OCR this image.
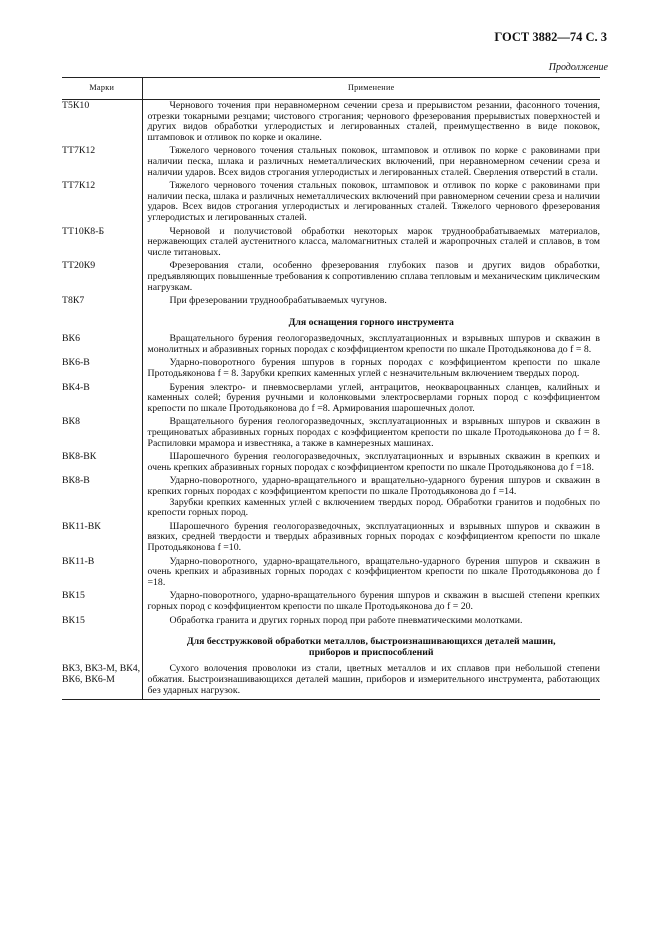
ГОСТ 3882—74 С. 3
Продолжение
Марки	Применение
Т5К10	Чернового точения при неравномерном сечении среза и прерывистом резании, фасонного точения, отрезки токарными резцами; чистового строгания; чернового фрезерования прерывистых поверхностей и других видов обработки углеродистых и легированных сталей, преимущественно в виде поковок, штамповок и отливок по корке и окалине.

ТТ7К12	Тяжелого чернового точения стальных поковок, штамповок и отливок по корке с раковинами при наличии песка, шлака и различных неметаллических включений, при неравномерном сечении среза и наличии ударов. Всех видов строгания углеродистых и легированных сталей. Сверления отверстий в стали.

ТТ7К12	Тяжелого чернового точения стальных поковок, штамповок и отливок по корке с раковинами при наличии песка, шлака и различных неметаллических включений при равномерном сечении среза и наличии ударов. Всех видов строгания углеродистых и легированных сталей. Тяжелого чернового фрезерования углеродистых и легированных сталей.

ТТ10К8-Б	Черновой и получистовой обработки некоторых марок труднообрабатываемых материалов, нержавеющих сталей аустенитного класса, маломагнитных сталей и жаропрочных сталей и сплавов, в том числе титановых.

ТТ20К9	Фрезерования стали, особенно фрезерования глубоких пазов и других видов обработки, предъявляющих повышенные требования к сопротивлению сплава тепловым и механическим циклическим нагрузкам.

Т8К7	При фрезеровании труднообрабатываемых чугунов.

	Для оснащения горного инструмента

ВК6	Вращательного бурения геологоразведочных, эксплуатационных и взрывных шпуров и скважин в монолитных и абразивных горных породах с коэффициентом крепости по шкале Протодьяконова до f = 8.

ВК6-В	Ударно-поворотного бурения шпуров в горных породах с коэффициентом крепости по шкале Протодьяконова f = 8. Зарубки крепких каменных углей с незначительным включением твердых пород.

ВК4-В	Бурения электро- и пневмосверлами углей, антрацитов, неоквароцванных сланцев, калийных и каменных солей; бурения ручными и колонковыми электросверлами горных пород с коэффициентом крепости по шкале Протодьяконова до f =8. Армирования шарошечных долот.

ВК8	Вращательного бурения геологоразведочных, эксплуатационных и взрывных шпуров и скважин в трещиноватых абразивных горных породах с коэффициентом крепости по шкале Протодьяконова до f = 8. Распиловки мрамора и известняка, а также в камнерезных машинах.

ВК8-ВК	Шарошечного бурения геологоразведочных, эксплуатационных и взрывных скважин в крепких и очень крепких абразивных горных породах с коэффициентом крепости по шкале Протодьяконова до f =18.

ВК8-В	Ударно-поворотного, ударно-вращательного и вращательно-ударного бурения шпуров и скважин в крепких горных породах с коэффициентом крепости по шкале Протодьяконова до f =14.
Зарубки крепких каменных углей с включением твердых пород. Обработки гранитов и подобных по крепости горных пород.

ВК11-ВК	Шарошечного бурения геологоразведочных, эксплуатационных и взрывных шпуров и скважин в вязких, средней твердости и твердых абразивных горных породах с коэффициентом крепости по шкале Протодьяконова f =10.

ВК11-В	Ударно-поворотного, ударно-вращательного, вращательно-ударного бурения шпуров и скважин в очень крепких и абразивных горных породах с коэффициентом крепости по шкале Протодьяконова до f =18.

ВК15	Ударно-поворотного, ударно-вращательного бурения шпуров и скважин в высшей степени крепких горных пород с коэффициентом крепости по шкале Протодьяконова до f = 20.

ВК15	Обработка гранита и других горных пород при работе пневматическими молотками.

	Для бесстружковой обработки металлов, быстроизнашивающихся деталей машин,
приборов и приспособлений

ВК3, ВК3-М, ВК4, ВК6, ВК6-М	Сухого волочения проволоки из стали, цветных металлов и их сплавов при небольшой степени обжатия. Быстроизнашивающихся деталей машин, приборов и измерительного инструмента, работающих без ударных нагрузок.
